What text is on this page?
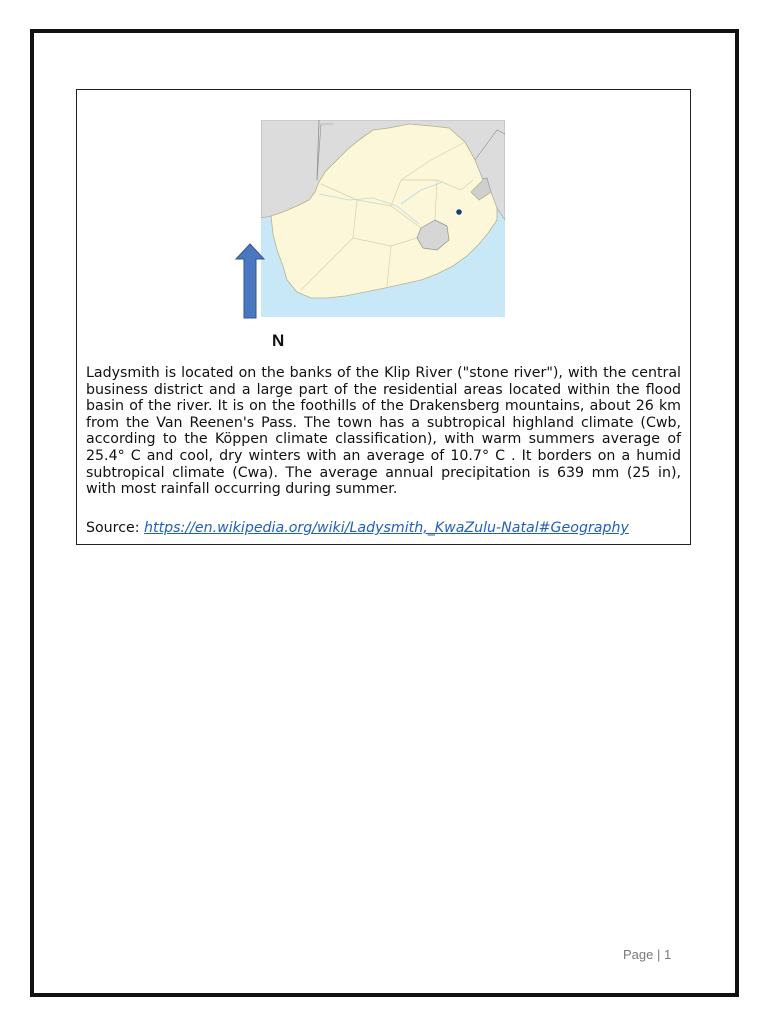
N

Ladysmith is located on the banks of the Klip River ("stone river"), with the central business district and a large part of the residential areas located within the flood basin of the river. It is on the foothills of the Drakensberg mountains, about 26 km from the Van Reenen's Pass. The town has a subtropical highland climate (Cwb, according to the Köppen climate classification), with warm summers average of 25.4° C and cool, dry winters with an average of 10.7° C . It borders on a humid subtropical climate (Cwa). The average annual precipitation is 639 mm (25 in), with most rainfall occurring during summer.

Source: https://en.wikipedia.org/wiki/Ladysmith,_KwaZulu-Natal#Geography
Page | 1
